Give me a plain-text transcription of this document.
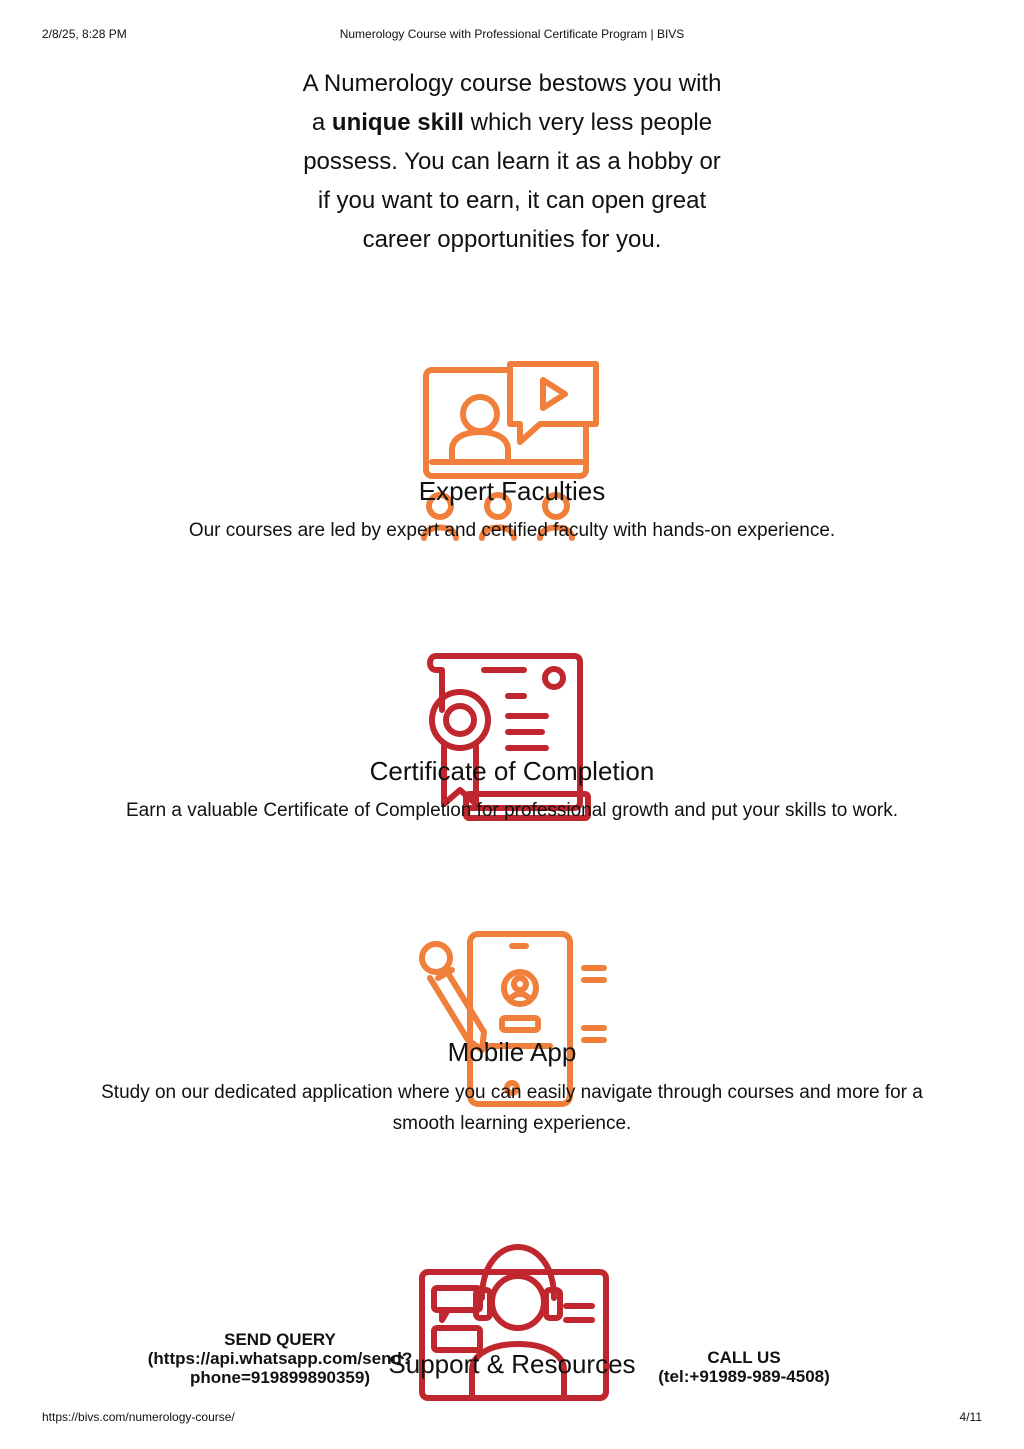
2/8/25, 8:28 PM	Numerology Course with Professional Certificate Program | BIVS
A Numerology course bestows you with a unique skill which very less people possess. You can learn it as a hobby or if you want to earn, it can open great career opportunities for you.
Expert Faculties
Our courses are led by expert and certified faculty with hands-on experience.
Certificate of Completion
Earn a valuable Certificate of Completion for professional growth and put your skills to work.
Mobile App
Study on our dedicated application where you can easily navigate through courses and more for a smooth learning experience.
Support & Resources
SEND QUERY
(https://api.whatsapp.com/send?
phone=919899890359)
CALL US
(tel:+91989-989-4508)
https://bivs.com/numerology-course/	4/11
